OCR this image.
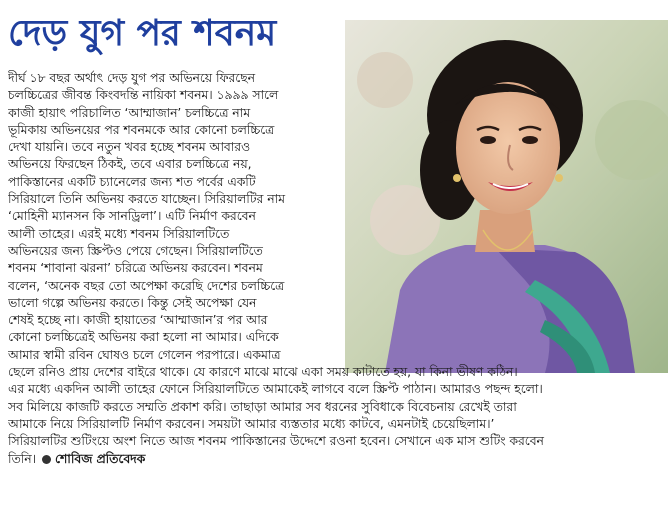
দেড় যুগ পর শবনম

দীর্ঘ ১৮ বছর অর্থাৎ দেড় যুগ পর অভিনয়ে ফিরছেন

চলচ্চিত্রের জীবন্ত কিংবদন্তি নায়িকা শবনম। ১৯৯৯ সালে

কাজী হায়াৎ পরিচালিত ‘আম্মাজান’ চলচ্চিত্রে নাম

ভূমিকায় অভিনয়ের পর শবনমকে আর কোনো চলচ্চিত্রে

দেখা যায়নি। তবে নতুন খবর হচ্ছে শবনম আবারও

অভিনয়ে ফিরছেন ঠিকই, তবে এবার চলচ্চিত্রে নয়,

পাকিস্তানের একটি চ্যানেলের জন্য শত পর্বের একটি

সিরিয়ালে তিনি অভিনয় করতে যাচ্ছেন। সিরিয়ালটির নাম

‘মোহিনী ম্যানসন কি সানড্রিলা’। এটি নির্মাণ করবেন

আলী তাহের। এরই মধ্যে শবনম সিরিয়ালটিতে

অভিনয়ের জন্য স্ক্রিপ্টও পেয়ে গেছেন। সিরিয়ালটিতে

শবনম ‘শাবানা ঝরনা’ চরিত্রে অভিনয় করবেন। শবনম

বলেন, ‘অনেক বছর তো অপেক্ষা করেছি দেশের চলচ্চিত্রে

ভালো গল্পে অভিনয় করতে। কিন্তু সেই অপেক্ষা যেন

শেষই হচ্ছে না। কাজী হায়াতের ‘আম্মাজান’র পর আর

কোনো চলচ্চিত্রেই অভিনয় করা হলো না আমার। এদিকে

আমার স্বামী রবিন ঘোষও চলে গেলেন পরপারে। একমাত্র

ছেলে রনিও প্রায় দেশের বাইরে থাকে। যে কারণে মাঝে মাঝে একা সময় কাটাতে হয়, যা কিনা ভীষণ কঠিন।

এর মধ্যে একদিন আলী তাহের ফোনে সিরিয়ালটিতে আমাকেই লাগবে বলে স্ক্রিপ্ট পাঠান। আমারও পছন্দ হলো।

সব মিলিয়ে কাজটি করতে সম্মতি প্রকাশ করি। তাছাড়া আমার সব ধরনের সুবিধাকে বিবেচনায় রেখেই তারা

আমাকে নিয়ে সিরিয়ালটি নির্মাণ করবেন। সময়টা আমার ব্যস্ততার মধ্যে কাটবে, এমনটাই চেয়েছিলাম।’

সিরিয়ালটির শুটিংয়ে অংশ নিতে আজ শবনম পাকিস্তানের উদ্দেশে রওনা হবেন। সেখানে এক মাস শুটিং করবেন

তিনি। শোবিজ প্রতিবেদক
